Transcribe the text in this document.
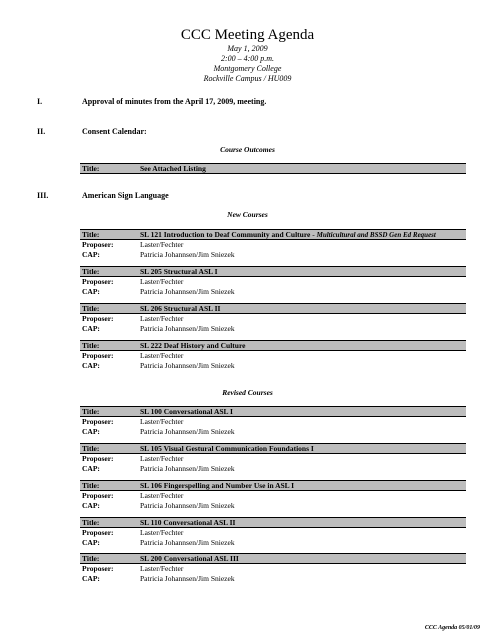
CCC Meeting Agenda
May 1, 2009
2:00 – 4:00 p.m.
Montgomery College
Rockville Campus / HU009
I.	Approval of minutes from the April 17, 2009, meeting.
II.	Consent Calendar:
Course Outcomes
Title:	See Attached Listing
III.	American Sign Language
New Courses
Title:	SL 121 Introduction to Deaf Community and Culture - Multicultural and BSSD Gen Ed Request
Proposer:	Laster/Fechter
CAP:	Patricia Johannsen/Jim Sniezek
Title:	SL 205 Structural ASL I
Proposer:	Laster/Fechter
CAP:	Patricia Johannsen/Jim Sniezek
Title:	SL 206 Structural ASL II
Proposer:	Laster/Fechter
CAP:	Patricia Johannsen/Jim Sniezek
Title:	SL 222 Deaf History and Culture
Proposer:	Laster/Fechter
CAP:	Patricia Johannsen/Jim Sniezek
Revised Courses
Title:	SL 100 Conversational ASL I
Proposer:	Laster/Fechter
CAP:	Patricia Johannsen/Jim Sniezek
Title:	SL 105 Visual Gestural Communication Foundations I
Proposer:	Laster/Fechter
CAP:	Patricia Johannsen/Jim Sniezek
Title:	SL 106 Fingerspelling and Number Use in ASL I
Proposer:	Laster/Fechter
CAP:	Patricia Johannsen/Jim Sniezek
Title:	SL 110 Conversational ASL II
Proposer:	Laster/Fechter
CAP:	Patricia Johannsen/Jim Sniezek
Title:	SL 200 Conversational ASL III
Proposer:	Laster/Fechter
CAP:	Patricia Johannsen/Jim Sniezek
CCC Agenda 05/01/09
